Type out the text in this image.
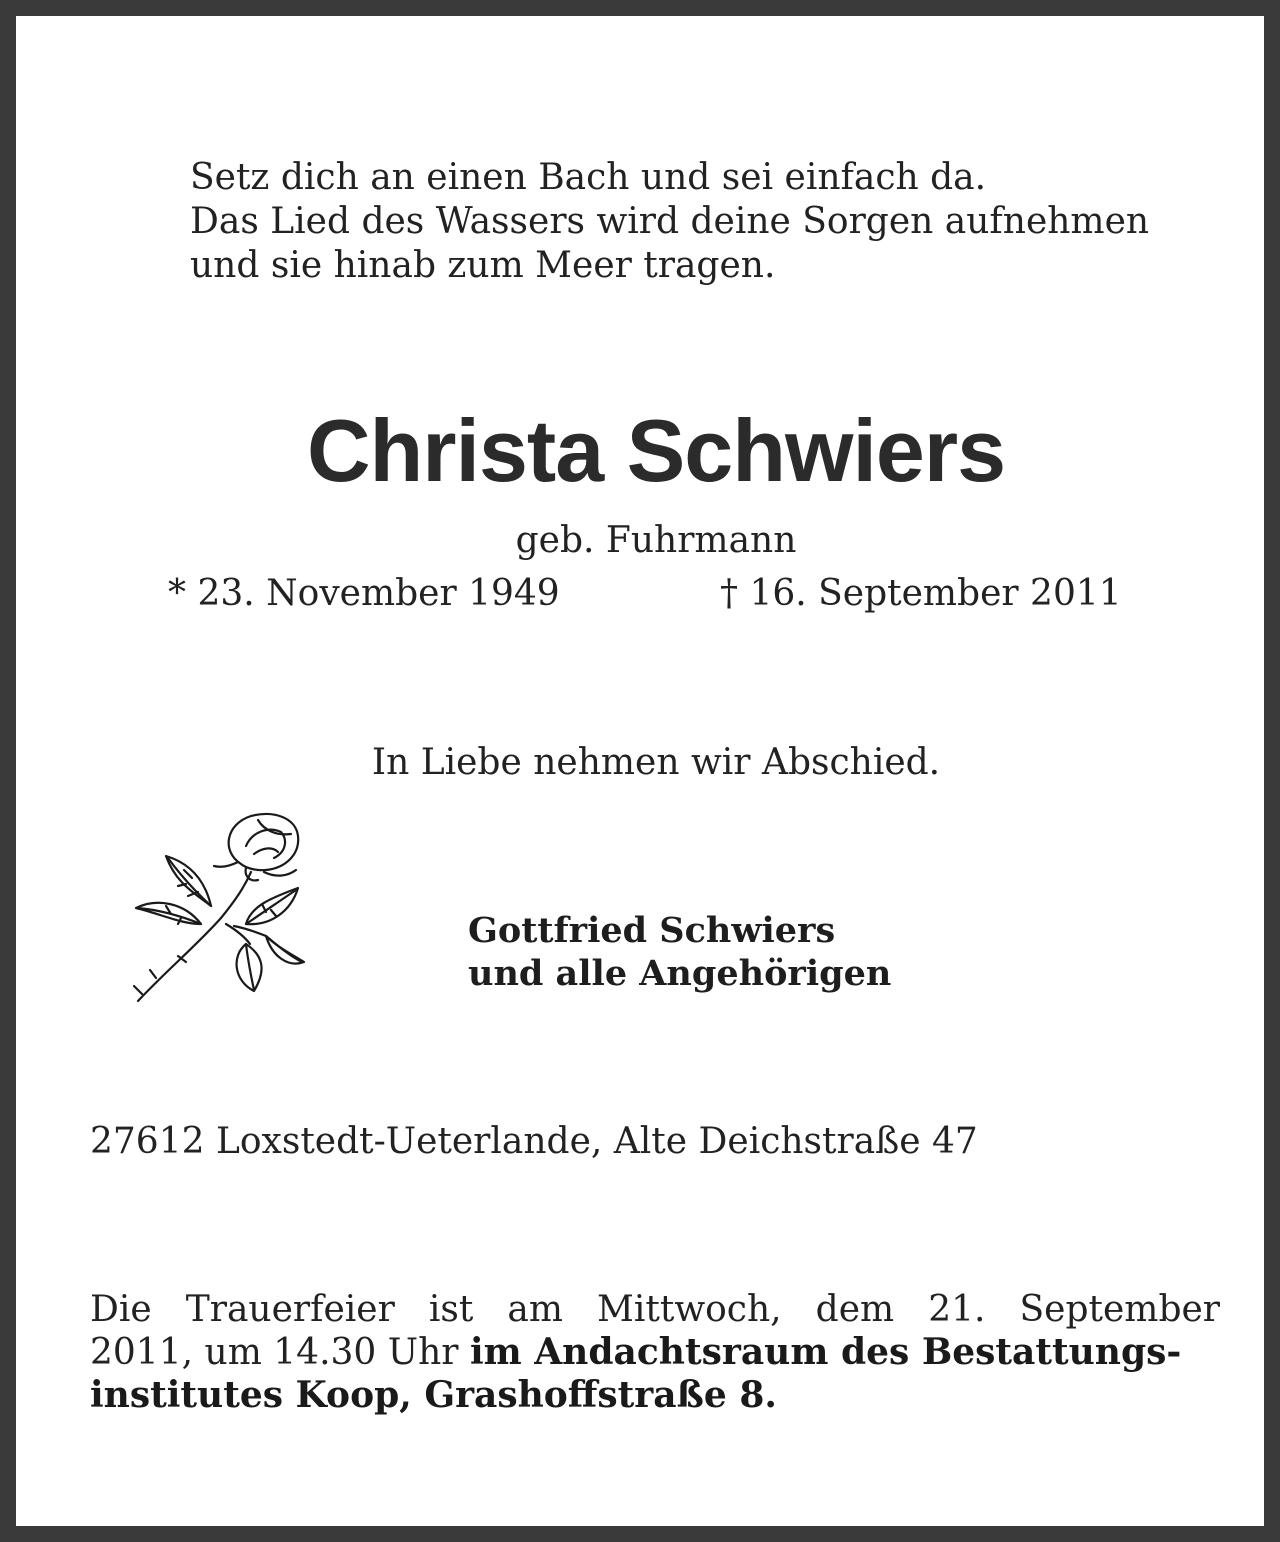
Setz dich an einen Bach und sei einfach da.
Das Lied des Wassers wird deine Sorgen aufnehmen
und sie hinab zum Meer tragen.
Christa Schwiers
geb. Fuhrmann
* 23. November 1949	† 16. September 2011
In Liebe nehmen wir Abschied.
Gottfried Schwiers
und alle Angehörigen
27612 Loxstedt-Ueterlande, Alte Deichstraße 47
Die Trauerfeier ist am Mittwoch, dem 21. September
2011, um 14.30 Uhr im Andachtsraum des Bestattungs-
institutes Koop, Grashoffstraße 8.
